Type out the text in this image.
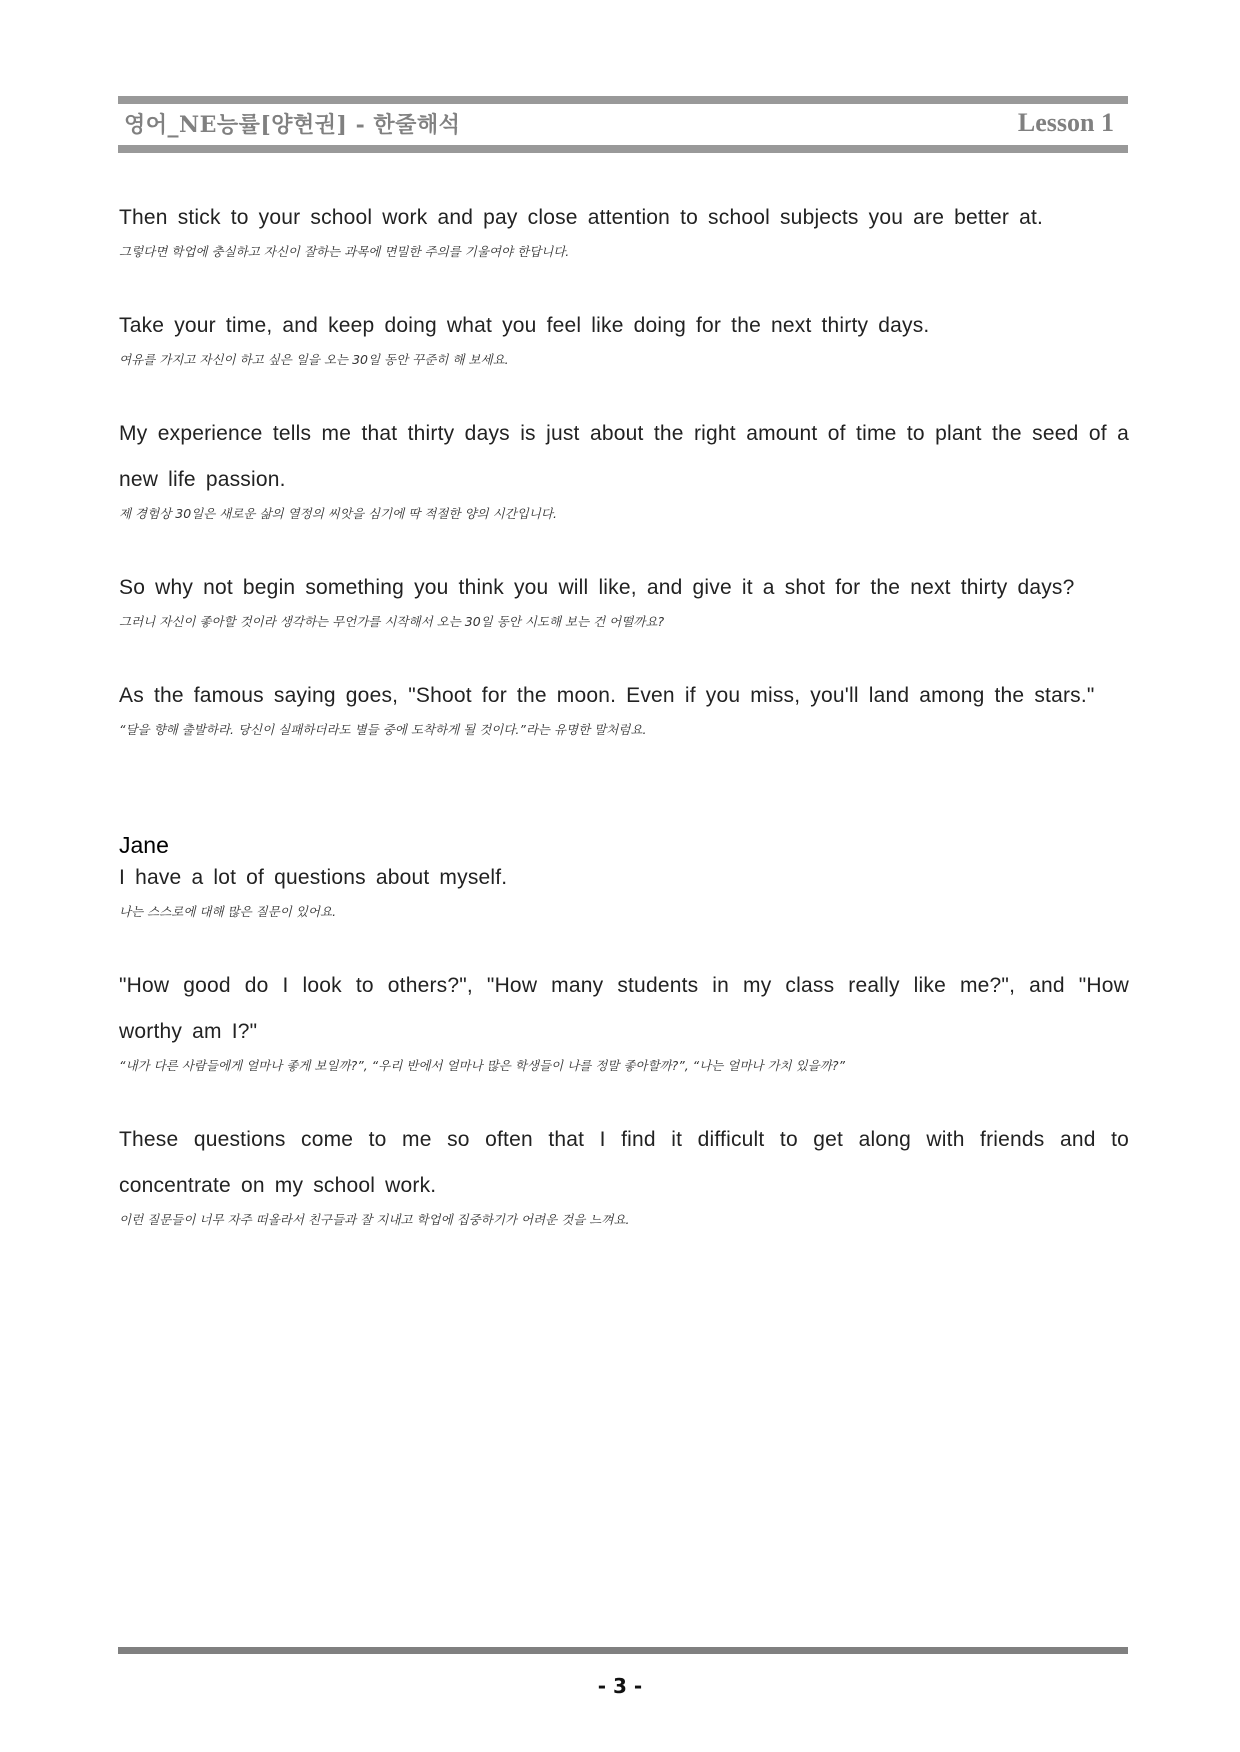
영어_NE능률[양현권] - 한줄해석	Lesson 1

Then stick to your school work and pay close attention to school subjects you are better at.

그렇다면 학업에 충실하고 자신이 잘하는 과목에 면밀한 주의를 기울여야 한답니다.

Take your time, and keep doing what you feel like doing for the next thirty days.

여유를 가지고 자신이 하고 싶은 일을 오는 30일 동안 꾸준히 해 보세요.

My experience tells me that thirty days is just about the right amount of time to plant the seed of a new life passion.

제 경험상 30일은 새로운 삶의 열정의 씨앗을 심기에 딱 적절한 양의 시간입니다.

So why not begin something you think you will like, and give it a shot for the next thirty days?

그러니 자신이 좋아할 것이라 생각하는 무언가를 시작해서 오는 30일 동안 시도해 보는 건 어떨까요?

As the famous saying goes, "Shoot for the moon. Even if you miss, you'll land among the stars."

“달을 향해 출발하라. 당신이 실패하더라도 별들 중에 도착하게 될 것이다.”라는 유명한 말처럼요.

Jane

I have a lot of questions about myself.

나는 스스로에 대해 많은 질문이 있어요.

"How good do I look to others?", "How many students in my class really like me?", and "How worthy am I?"

“내가 다른 사람들에게 얼마나 좋게 보일까?”, “우리 반에서 얼마나 많은 학생들이 나를 정말 좋아할까?”, “나는 얼마나 가치 있을까?”

These questions come to me so often that I find it difficult to get along with friends and to concentrate on my school work.

이런 질문들이 너무 자주 떠올라서 친구들과 잘 지내고 학업에 집중하기가 어려운 것을 느껴요.

- 3 -
